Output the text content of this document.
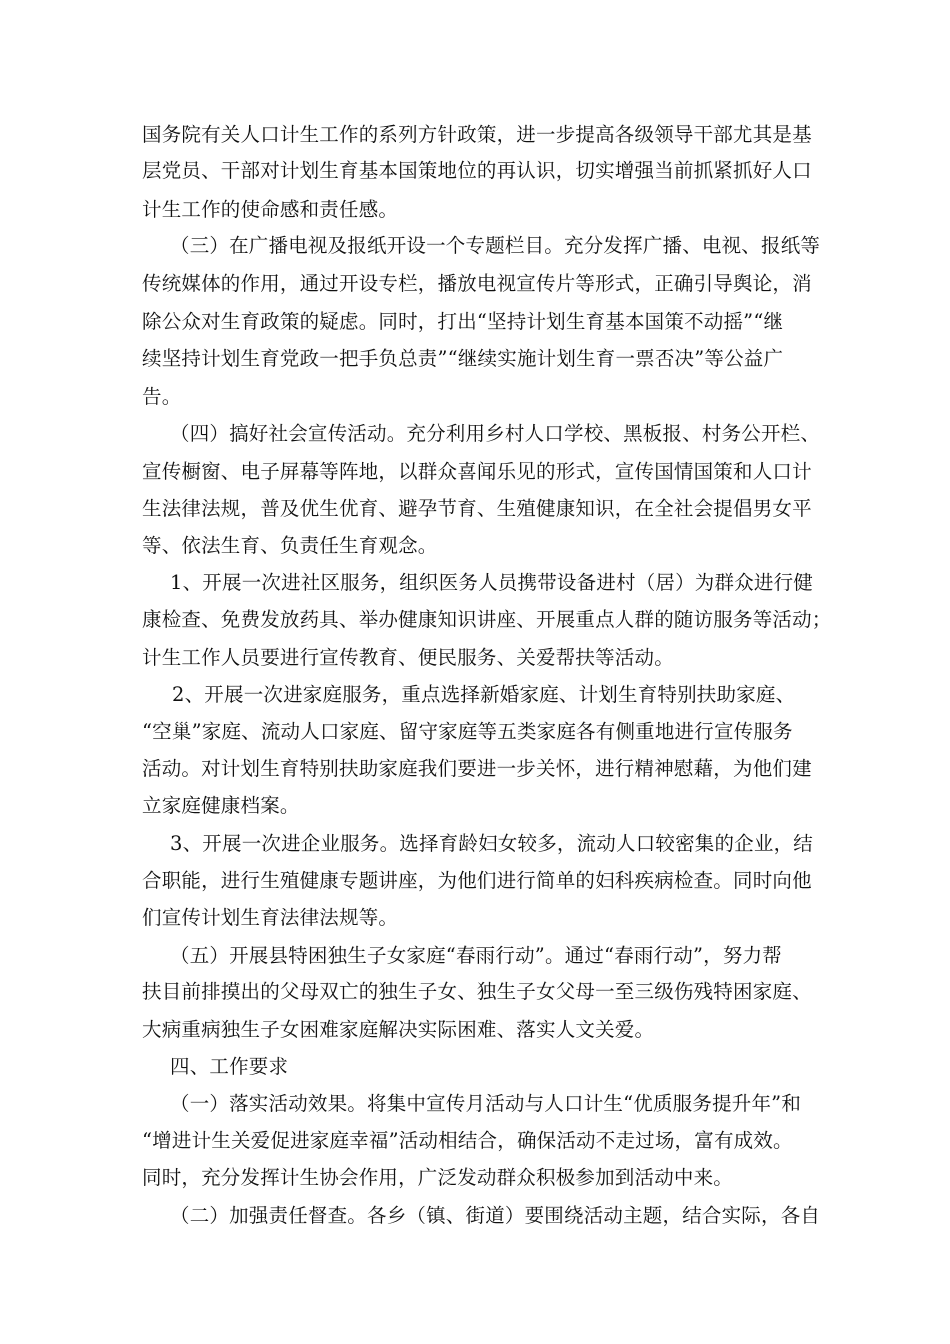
国务院有关人口计生工作的系列方针政策，进一步提高各级领导干部尤其是基
层党员、干部对计划生育基本国策地位的再认识，切实增强当前抓紧抓好人口
计生工作的使命感和责任感。
（三）在广播电视及报纸开设一个专题栏目。充分发挥广播、电视、报纸等
传统媒体的作用，通过开设专栏，播放电视宣传片等形式，正确引导舆论，消
除公众对生育政策的疑虑。同时，打出“坚持计划生育基本国策不动摇”“继
续坚持计划生育党政一把手负总责”“继续实施计划生育一票否决”等公益广
告。
（四）搞好社会宣传活动。充分利用乡村人口学校、黑板报、村务公开栏、
宣传橱窗、电子屏幕等阵地，以群众喜闻乐见的形式，宣传国情国策和人口计
生法律法规，普及优生优育、避孕节育、生殖健康知识，在全社会提倡男女平
等、依法生育、负责任生育观念。
1、开展一次进社区服务，组织医务人员携带设备进村（居）为群众进行健
康检查、免费发放药具、举办健康知识讲座、开展重点人群的随访服务等活动；
计生工作人员要进行宣传教育、便民服务、关爱帮扶等活动。
2、开展一次进家庭服务，重点选择新婚家庭、计划生育特别扶助家庭、
“空巢”家庭、流动人口家庭、留守家庭等五类家庭各有侧重地进行宣传服务
活动。对计划生育特别扶助家庭我们要进一步关怀，进行精神慰藉，为他们建
立家庭健康档案。
3、开展一次进企业服务。选择育龄妇女较多，流动人口较密集的企业，结
合职能，进行生殖健康专题讲座，为他们进行简单的妇科疾病检查。同时向他
们宣传计划生育法律法规等。
（五）开展县特困独生子女家庭“春雨行动”。通过“春雨行动”，努力帮
扶目前排摸出的父母双亡的独生子女、独生子女父母一至三级伤残特困家庭、
大病重病独生子女困难家庭解决实际困难、落实人文关爱。
四、工作要求
（一）落实活动效果。将集中宣传月活动与人口计生“优质服务提升年”和
“增进计生关爱促进家庭幸福”活动相结合，确保活动不走过场，富有成效。
同时，充分发挥计生协会作用，广泛发动群众积极参加到活动中来。
（二）加强责任督查。各乡（镇、街道）要围绕活动主题，结合实际，各自
